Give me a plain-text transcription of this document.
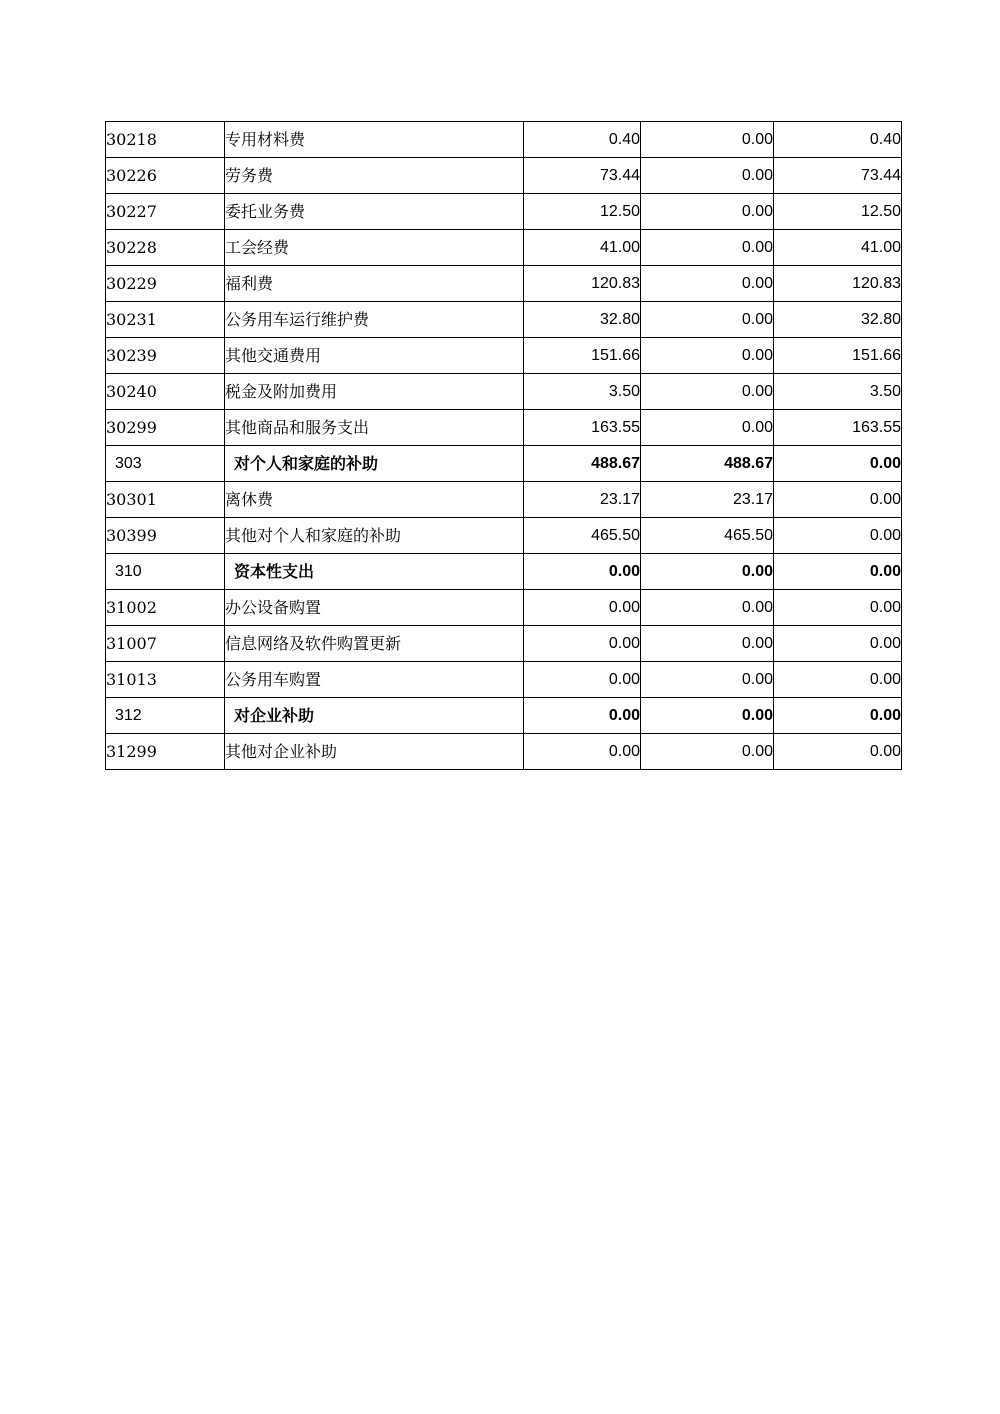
30218	专用材料费	0.40	0.00	0.40
30226	劳务费	73.44	0.00	73.44
30227	委托业务费	12.50	0.00	12.50
30228	工会经费	41.00	0.00	41.00
30229	福利费	120.83	0.00	120.83
30231	公务用车运行维护费	32.80	0.00	32.80
30239	其他交通费用	151.66	0.00	151.66
30240	税金及附加费用	3.50	0.00	3.50
30299	其他商品和服务支出	163.55	0.00	163.55
303	对个人和家庭的补助	488.67	488.67	0.00
30301	离休费	23.17	23.17	0.00
30399	其他对个人和家庭的补助	465.50	465.50	0.00
310	资本性支出	0.00	0.00	0.00
31002	办公设备购置	0.00	0.00	0.00
31007	信息网络及软件购置更新	0.00	0.00	0.00
31013	公务用车购置	0.00	0.00	0.00
312	对企业补助	0.00	0.00	0.00
31299	其他对企业补助	0.00	0.00	0.00
